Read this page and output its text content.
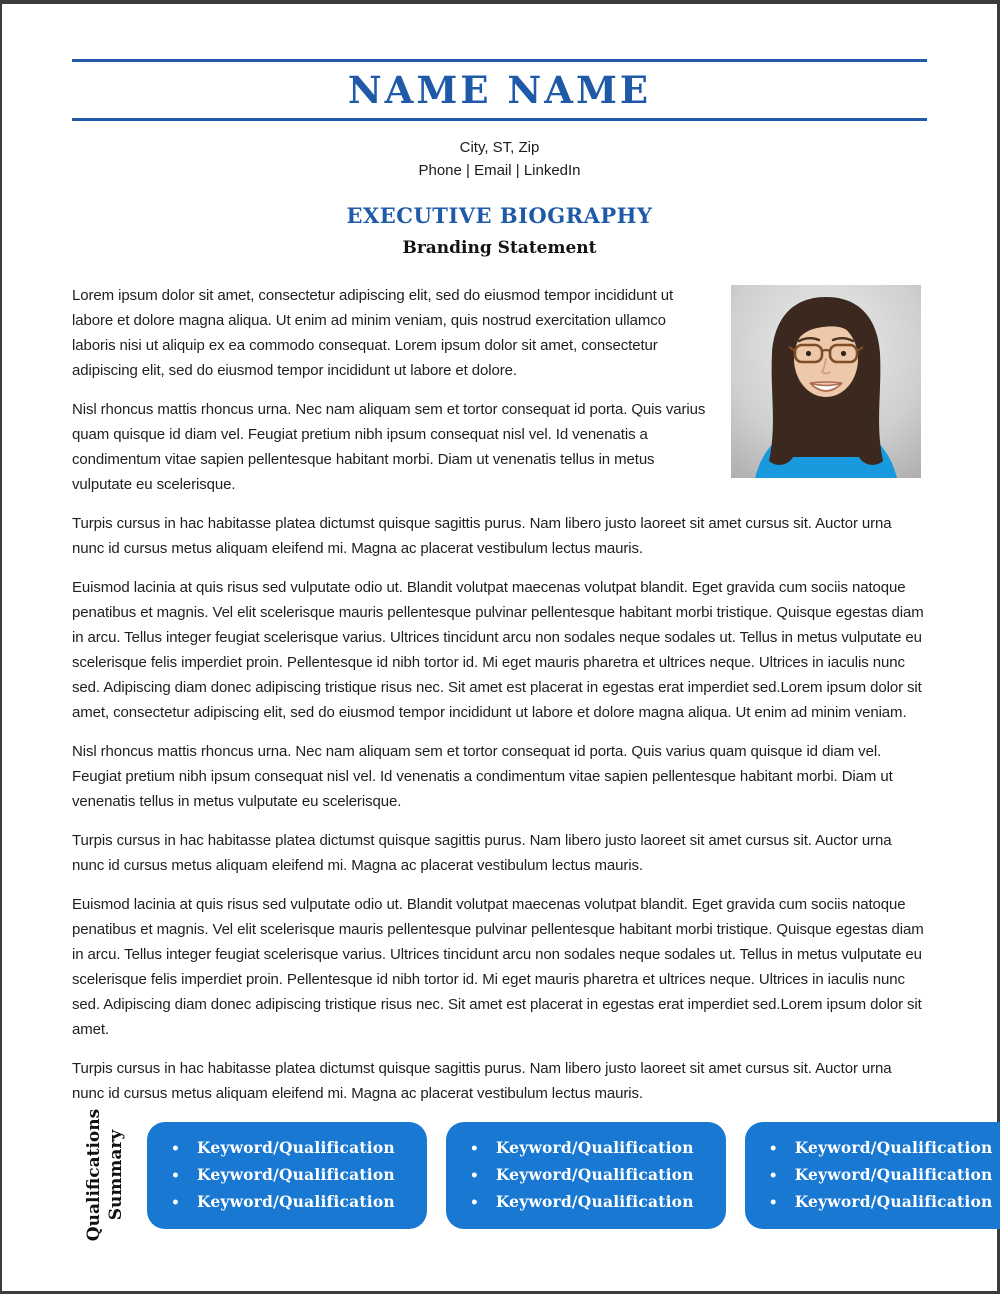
NAME NAME
City, ST, Zip
Phone | Email | LinkedIn
EXECUTIVE BIOGRAPHY
Branding Statement

Lorem ipsum dolor sit amet, consectetur adipiscing elit, sed do eiusmod tempor incididunt ut labore et dolore magna aliqua. Ut enim ad minim veniam, quis nostrud exercitation ullamco laboris nisi ut aliquip ex ea commodo consequat. Lorem ipsum dolor sit amet, consectetur adipiscing elit, sed do eiusmod tempor incididunt ut labore et dolore.

Nisl rhoncus mattis rhoncus urna. Nec nam aliquam sem et tortor consequat id porta. Quis varius quam quisque id diam vel. Feugiat pretium nibh ipsum consequat nisl vel. Id venenatis a condimentum vitae sapien pellentesque habitant morbi. Diam ut venenatis tellus in metus vulputate eu scelerisque.

Turpis cursus in hac habitasse platea dictumst quisque sagittis purus. Nam libero justo laoreet sit amet cursus sit. Auctor urna nunc id cursus metus aliquam eleifend mi. Magna ac placerat vestibulum lectus mauris.

Euismod lacinia at quis risus sed vulputate odio ut. Blandit volutpat maecenas volutpat blandit. Eget gravida cum sociis natoque penatibus et magnis. Vel elit scelerisque mauris pellentesque pulvinar pellentesque habitant morbi tristique. Quisque egestas diam in arcu. Tellus integer feugiat scelerisque varius. Ultrices tincidunt arcu non sodales neque sodales ut. Tellus in metus vulputate eu scelerisque felis imperdiet proin. Pellentesque id nibh tortor id. Mi eget mauris pharetra et ultrices neque. Ultrices in iaculis nunc sed. Adipiscing diam donec adipiscing tristique risus nec. Sit amet est placerat in egestas erat imperdiet sed.Lorem ipsum dolor sit amet, consectetur adipiscing elit, sed do eiusmod tempor incididunt ut labore et dolore magna aliqua. Ut enim ad minim veniam.

Nisl rhoncus mattis rhoncus urna. Nec nam aliquam sem et tortor consequat id porta. Quis varius quam quisque id diam vel. Feugiat pretium nibh ipsum consequat nisl vel. Id venenatis a condimentum vitae sapien pellentesque habitant morbi. Diam ut venenatis tellus in metus vulputate eu scelerisque.

Turpis cursus in hac habitasse platea dictumst quisque sagittis purus. Nam libero justo laoreet sit amet cursus sit. Auctor urna nunc id cursus metus aliquam eleifend mi. Magna ac placerat vestibulum lectus mauris.

Euismod lacinia at quis risus sed vulputate odio ut. Blandit volutpat maecenas volutpat blandit. Eget gravida cum sociis natoque penatibus et magnis. Vel elit scelerisque mauris pellentesque pulvinar pellentesque habitant morbi tristique. Quisque egestas diam in arcu. Tellus integer feugiat scelerisque varius. Ultrices tincidunt arcu non sodales neque sodales ut. Tellus in metus vulputate eu scelerisque felis imperdiet proin. Pellentesque id nibh tortor id. Mi eget mauris pharetra et ultrices neque. Ultrices in iaculis nunc sed. Adipiscing diam donec adipiscing tristique risus nec. Sit amet est placerat in egestas erat imperdiet sed.Lorem ipsum dolor sit amet.

Turpis cursus in hac habitasse platea dictumst quisque sagittis purus. Nam libero justo laoreet sit amet cursus sit. Auctor urna nunc id cursus metus aliquam eleifend mi. Magna ac placerat vestibulum lectus mauris.

Qualifications Summary	•	Keyword/Qualification
•	Keyword/Qualification
•	Keyword/Qualification
•	Keyword/Qualification
•	Keyword/Qualification
•	Keyword/Qualification
•	Keyword/Qualification
•	Keyword/Qualification
•	Keyword/Qualification
